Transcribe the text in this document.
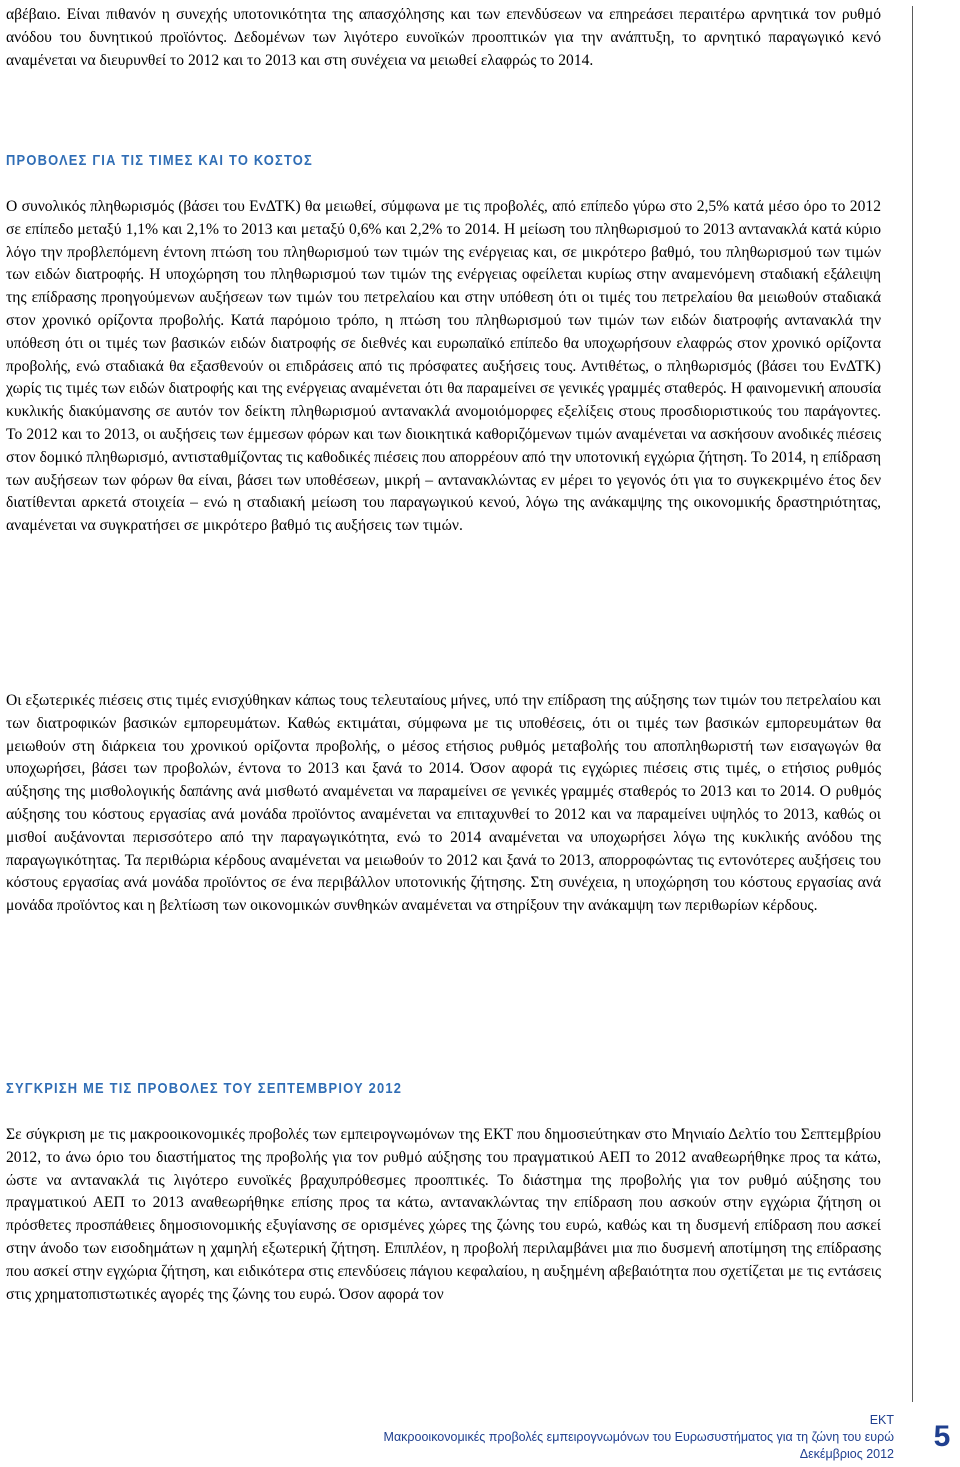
αβέβαιο. Είναι πιθανόν η συνεχής υποτονικότητα της απασχόλησης και των επενδύσεων να επηρεάσει περαιτέρω αρνητικά τον ρυθμό ανόδου του δυνητικού προϊόντος. Δεδομένων των λιγότερο ευνοϊκών προοπτικών για την ανάπτυξη, το αρνητικό παραγωγικό κενό αναμένεται να διευρυνθεί το 2012 και το 2013 και στη συνέχεια να μειωθεί ελαφρώς το 2014.

ΠΡΟΒΟΛΕΣ ΓΙΑ ΤΙΣ ΤΙΜΕΣ ΚΑΙ ΤΟ ΚΟΣΤΟΣ

Ο συνολικός πληθωρισμός (βάσει του ΕνΔΤΚ) θα μειωθεί, σύμφωνα με τις προβολές, από επίπεδο γύρω στο 2,5% κατά μέσο όρο το 2012 σε επίπεδο μεταξύ 1,1% και 2,1% το 2013 και μεταξύ 0,6% και 2,2% το 2014. Η μείωση του πληθωρισμού το 2013 αντανακλά κατά κύριο λόγο την προβλεπόμενη έντονη πτώση του πληθωρισμού των τιμών της ενέργειας και, σε μικρότερο βαθμό, του πληθωρισμού των τιμών των ειδών διατροφής. Η υποχώρηση του πληθωρισμού των τιμών της ενέργειας οφείλεται κυρίως στην αναμενόμενη σταδιακή εξάλειψη της επίδρασης προηγούμενων αυξήσεων των τιμών του πετρελαίου και στην υπόθεση ότι οι τιμές του πετρελαίου θα μειωθούν σταδιακά στον χρονικό ορίζοντα προβολής. Κατά παρόμοιο τρόπο, η πτώση του πληθωρισμού των τιμών των ειδών διατροφής αντανακλά την υπόθεση ότι οι τιμές των βασικών ειδών διατροφής σε διεθνές και ευρωπαϊκό επίπεδο θα υποχωρήσουν ελαφρώς στον χρονικό ορίζοντα προβολής, ενώ σταδιακά θα εξασθενούν οι επιδράσεις από τις πρόσφατες αυξήσεις τους. Αντιθέτως, ο πληθωρισμός (βάσει του ΕνΔΤΚ) χωρίς τις τιμές των ειδών διατροφής και της ενέργειας αναμένεται ότι θα παραμείνει σε γενικές γραμμές σταθερός. Η φαινομενική απουσία κυκλικής διακύμανσης σε αυτόν τον δείκτη πληθωρισμού αντανακλά ανομοιόμορφες εξελίξεις στους προσδιοριστικούς του παράγοντες. Το 2012 και το 2013, οι αυξήσεις των έμμεσων φόρων και των διοικητικά καθοριζόμενων τιμών αναμένεται να ασκήσουν ανοδικές πιέσεις στον δομικό πληθωρισμό, αντισταθμίζοντας τις καθοδικές πιέσεις που απορρέουν από την υποτονική εγχώρια ζήτηση. Το 2014, η επίδραση των αυξήσεων των φόρων θα είναι, βάσει των υποθέσεων, μικρή – αντανακλώντας εν μέρει το γεγονός ότι για το συγκεκριμένο έτος δεν διατίθενται αρκετά στοιχεία – ενώ η σταδιακή μείωση του παραγωγικού κενού, λόγω της ανάκαμψης της οικονομικής δραστηριότητας, αναμένεται να συγκρατήσει σε μικρότερο βαθμό τις αυξήσεις των τιμών.

Οι εξωτερικές πιέσεις στις τιμές ενισχύθηκαν κάπως τους τελευταίους μήνες, υπό την επίδραση της αύξησης των τιμών του πετρελαίου και των διατροφικών βασικών εμπορευμάτων. Καθώς εκτιμάται, σύμφωνα με τις υποθέσεις, ότι οι τιμές των βασικών εμπορευμάτων θα μειωθούν στη διάρκεια του χρονικού ορίζοντα προβολής, ο μέσος ετήσιος ρυθμός μεταβολής του αποπληθωριστή των εισαγωγών θα υποχωρήσει, βάσει των προβολών, έντονα το 2013 και ξανά το 2014. Όσον αφορά τις εγχώριες πιέσεις στις τιμές, ο ετήσιος ρυθμός αύξησης της μισθολογικής δαπάνης ανά μισθωτό αναμένεται να παραμείνει σε γενικές γραμμές σταθερός το 2013 και το 2014. Ο ρυθμός αύξησης του κόστους εργασίας ανά μονάδα προϊόντος αναμένεται να επιταχυνθεί το 2012 και να παραμείνει υψηλός το 2013, καθώς οι μισθοί αυξάνονται περισσότερο από την παραγωγικότητα, ενώ το 2014 αναμένεται να υποχωρήσει λόγω της κυκλικής ανόδου της παραγωγικότητας. Τα περιθώρια κέρδους αναμένεται να μειωθούν το 2012 και ξανά το 2013, απορροφώντας τις εντονότερες αυξήσεις του κόστους εργασίας ανά μονάδα προϊόντος σε ένα περιβάλλον υποτονικής ζήτησης. Στη συνέχεια, η υποχώρηση του κόστους εργασίας ανά μονάδα προϊόντος και η βελτίωση των οικονομικών συνθηκών αναμένεται να στηρίξουν την ανάκαμψη των περιθωρίων κέρδους.

ΣΥΓΚΡΙΣΗ ΜΕ ΤΙΣ ΠΡΟΒΟΛΕΣ ΤΟΥ ΣΕΠΤΕΜΒΡΙΟΥ 2012

Σε σύγκριση με τις μακροοικονομικές προβολές των εμπειρογνωμόνων της ΕΚΤ που δημοσιεύτηκαν στο Μηνιαίο Δελτίο του Σεπτεμβρίου 2012, το άνω όριο του διαστήματος της προβολής για τον ρυθμό αύξησης του πραγματικού ΑΕΠ το 2012 αναθεωρήθηκε προς τα κάτω, ώστε να αντανακλά τις λιγότερο ευνοϊκές βραχυπρόθεσμες προοπτικές. Το διάστημα της προβολής για τον ρυθμό αύξησης του πραγματικού ΑΕΠ το 2013 αναθεωρήθηκε επίσης προς τα κάτω, αντανακλώντας την επίδραση που ασκούν στην εγχώρια ζήτηση οι πρόσθετες προσπάθειες δημοσιονομικής εξυγίανσης σε ορισμένες χώρες της ζώνης του ευρώ, καθώς και τη δυσμενή επίδραση που ασκεί στην άνοδο των εισοδημάτων η χαμηλή εξωτερική ζήτηση. Επιπλέον, η προβολή περιλαμβάνει μια πιο δυσμενή αποτίμηση της επίδρασης που ασκεί στην εγχώρια ζήτηση, και ειδικότερα στις επενδύσεις πάγιου κεφαλαίου, η αυξημένη αβεβαιότητα που σχετίζεται με τις εντάσεις στις χρηματοπιστωτικές αγορές της ζώνης του ευρώ. Όσον αφορά τον

ΕΚΤ
Μακροοικονομικές προβολές εμπειρογνωμόνων του Ευρωσυστήματος για τη ζώνη του ευρώ
Δεκέμβριος 2012
5
